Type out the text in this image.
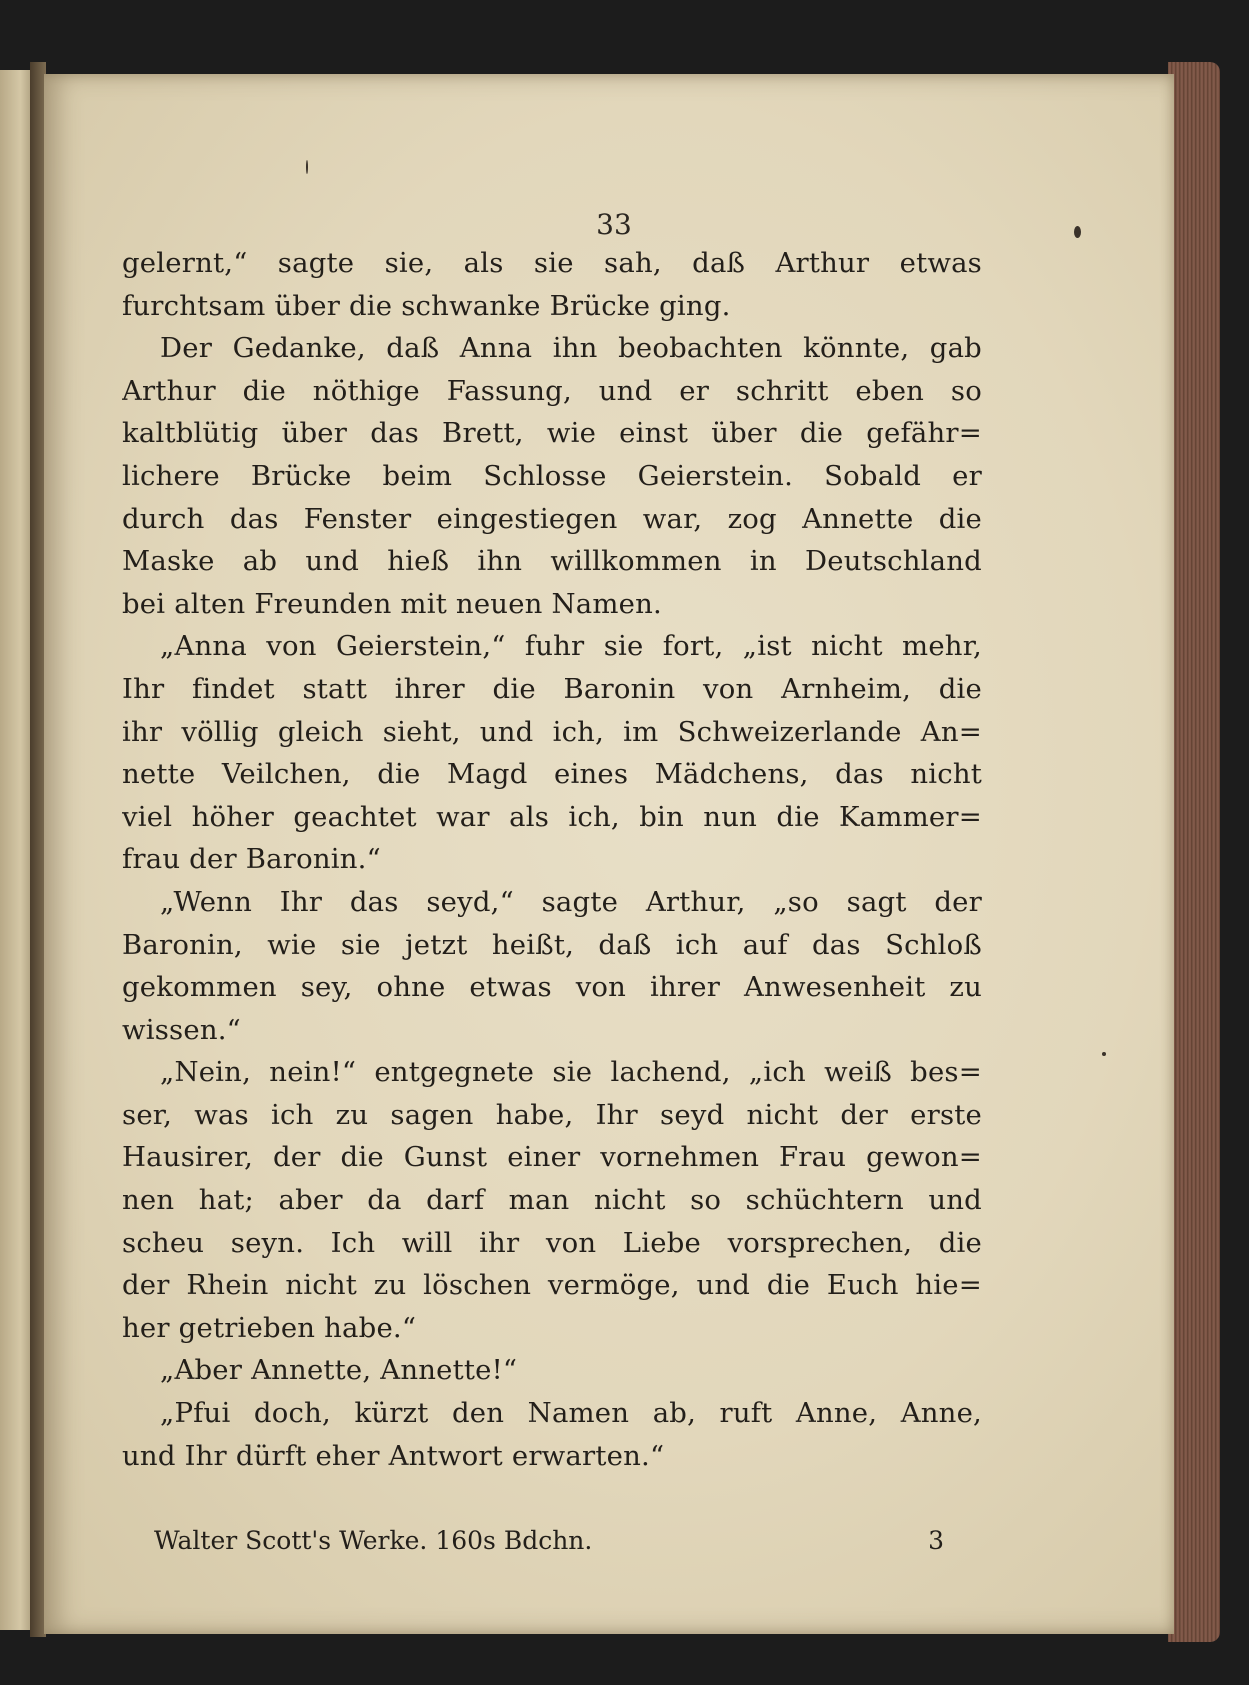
33
gelernt,“ sagte sie, als sie sah, daß Arthur etwas
furchtsam über die schwanke Brücke ging.
Der Gedanke, daß Anna ihn beobachten könnte, gab
Arthur die nöthige Fassung, und er schritt eben so
kaltblütig über das Brett, wie einst über die gefähr=
lichere Brücke beim Schlosse Geierstein. Sobald er
durch das Fenster eingestiegen war, zog Annette die
Maske ab und hieß ihn willkommen in Deutschland
bei alten Freunden mit neuen Namen.
„Anna von Geierstein,“ fuhr sie fort, „ist nicht mehr,
Ihr findet statt ihrer die Baronin von Arnheim, die
ihr völlig gleich sieht, und ich, im Schweizerlande An=
nette Veilchen, die Magd eines Mädchens, das nicht
viel höher geachtet war als ich, bin nun die Kammer=
frau der Baronin.“
„Wenn Ihr das seyd,“ sagte Arthur, „so sagt der
Baronin, wie sie jetzt heißt, daß ich auf das Schloß
gekommen sey, ohne etwas von ihrer Anwesenheit zu
wissen.“
„Nein, nein!“ entgegnete sie lachend, „ich weiß bes=
ser, was ich zu sagen habe, Ihr seyd nicht der erste
Hausirer, der die Gunst einer vornehmen Frau gewon=
nen hat; aber da darf man nicht so schüchtern und
scheu seyn. Ich will ihr von Liebe vorsprechen, die
der Rhein nicht zu löschen vermöge, und die Euch hie=
her getrieben habe.“
„Aber Annette, Annette!“
„Pfui doch, kürzt den Namen ab, ruft Anne, Anne,
und Ihr dürft eher Antwort erwarten.“
Walter Scott's Werke. 160s Bdchn.	3
